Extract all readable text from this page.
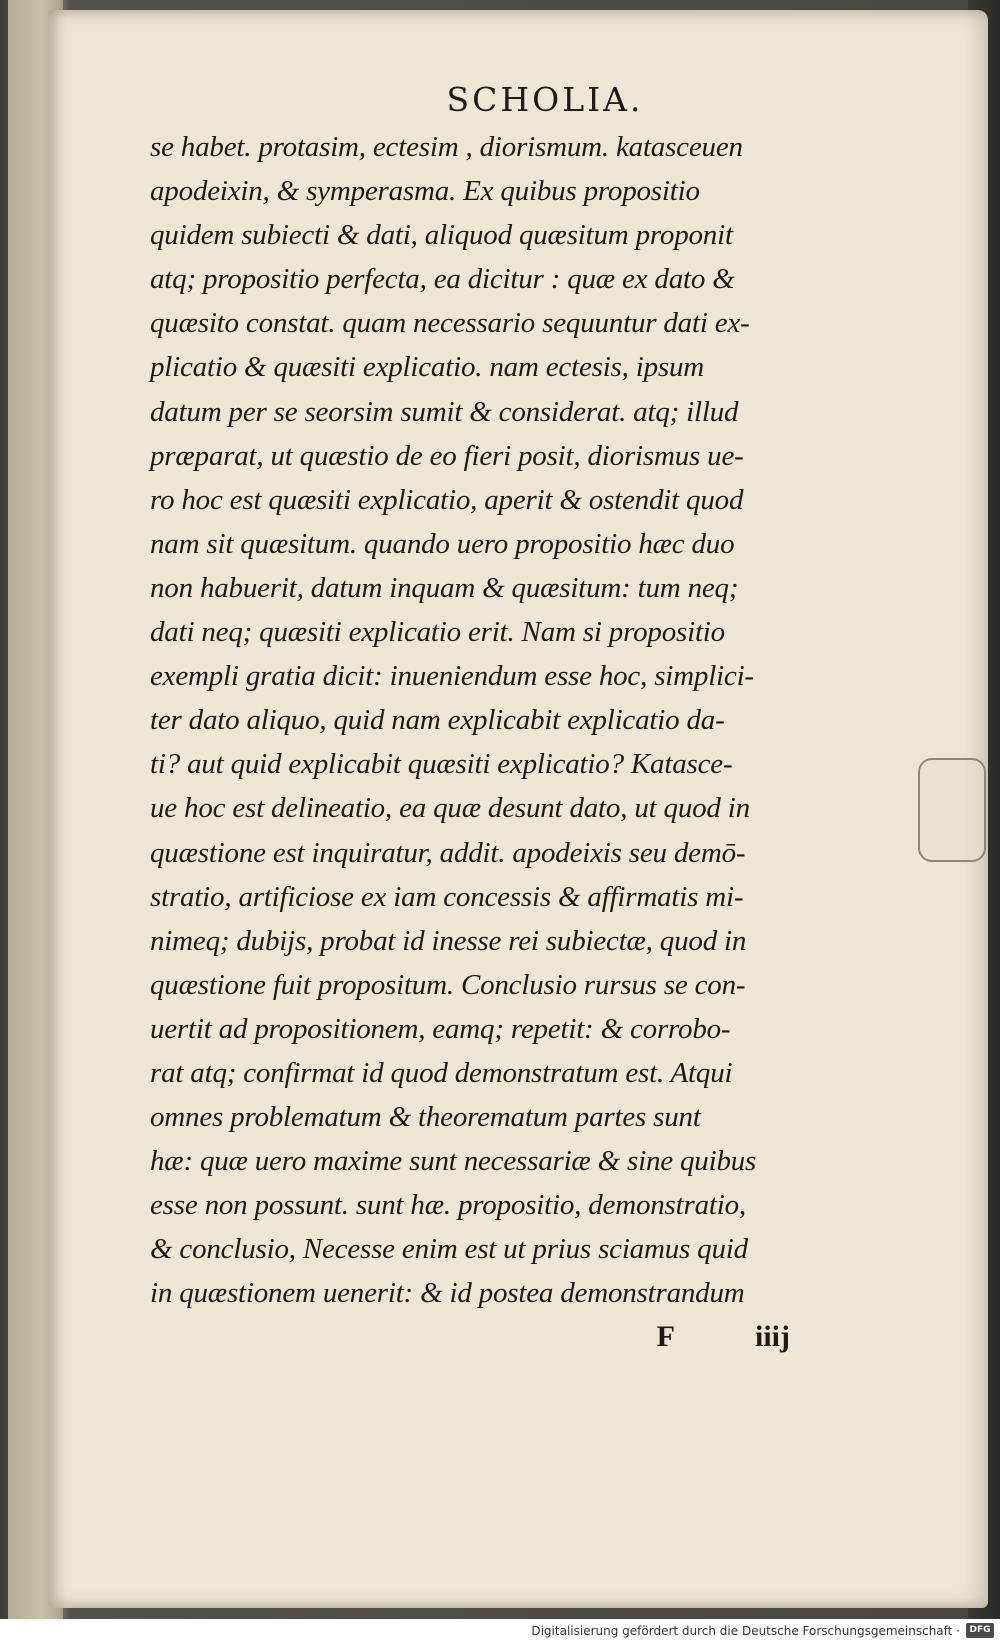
SCHOLIA.
se habet. protasim, ectesim , diorismum. katasceuen
apodeixin, & symperasma. Ex quibus propositio
quidem subiecti & dati, aliquod quæsitum proponit
atq; propositio perfecta, ea dicitur : quæ ex dato &
quæsito constat. quam necessario sequuntur dati ex-
plicatio & quæsiti explicatio. nam ectesis, ipsum
datum per se seorsim sumit & considerat. atq; illud
præparat, ut quæstio de eo fieri posit, diorismus ue-
ro hoc est quæsiti explicatio, aperit & ostendit quod
nam sit quæsitum. quando uero propositio hæc duo
non habuerit, datum inquam & quæsitum: tum neq;
dati neq; quæsiti explicatio erit. Nam si propositio
exempli gratia dicit: inueniendum esse hoc, simplici-
ter dato aliquo, quid nam explicabit explicatio da-
ti? aut quid explicabit quæsiti explicatio? Katasce-
ue hoc est delineatio, ea quæ desunt dato, ut quod in
quæstione est inquiratur, addit. apodeixis seu demō-
stratio, artificiose ex iam concessis & affirmatis mi-
nimeq; dubijs, probat id inesse rei subiectæ, quod in
quæstione fuit propositum. Conclusio rursus se con-
uertit ad propositionem, eamq; repetit: & corrobo-
rat atq; confirmat id quod demonstratum est. Atqui
omnes problematum & theorematum partes sunt
hæ: quæ uero maxime sunt necessariæ & sine quibus
esse non possunt. sunt hæ. propositio, demonstratio,
& conclusio, Necesse enim est ut prius sciamus quid
in quæstionem uenerit: & id postea demonstrandum
F	iiij
Digitalisierung gefördert durch die Deutsche Forschungsgemeinschaft ·	DFG
